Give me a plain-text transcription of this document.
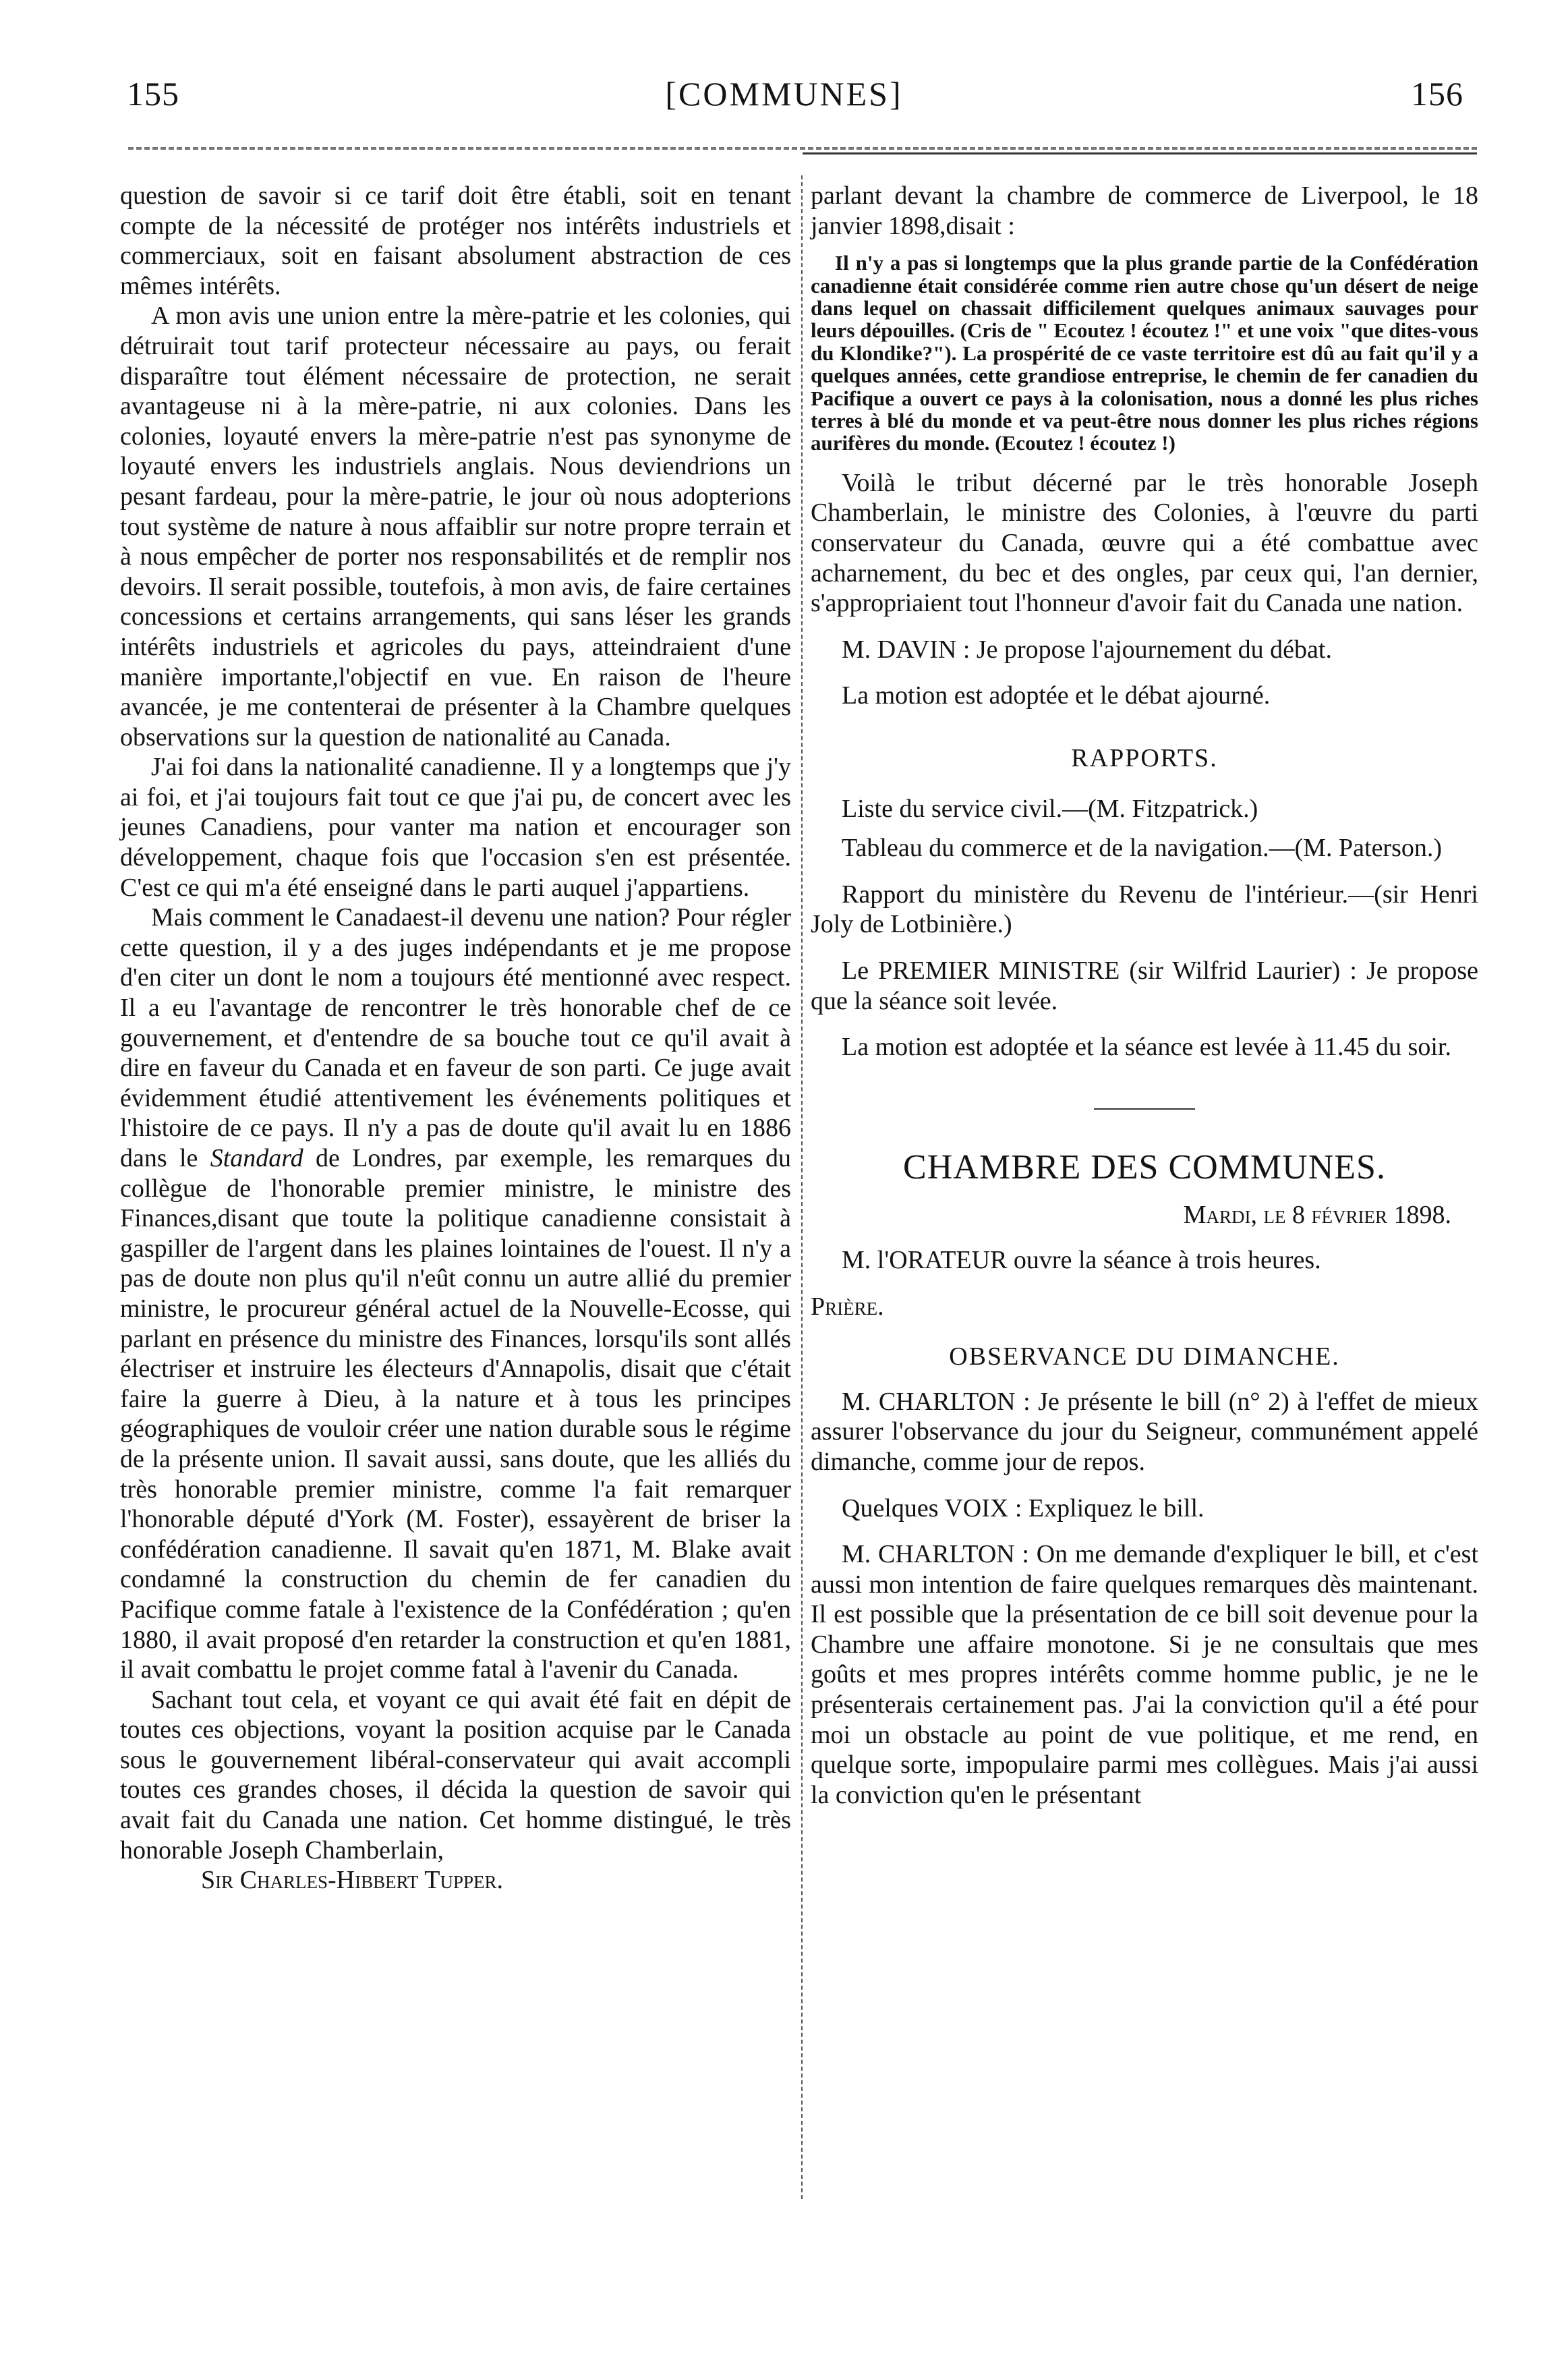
[COMMUNES]
155	156

question de savoir si ce tarif doit être établi, soit en tenant compte de la nécessité de protéger nos intérêts industriels et commerciaux, soit en faisant absolument abstraction de ces mêmes intérêts.

A mon avis une union entre la mère-patrie et les colonies, qui détruirait tout tarif protecteur nécessaire au pays, ou ferait disparaître tout élément nécessaire de protection, ne serait avantageuse ni à la mère-patrie, ni aux colonies. Dans les colonies, loyauté envers la mère-patrie n'est pas synonyme de loyauté envers les industriels anglais. Nous deviendrions un pesant fardeau, pour la mère-patrie, le jour où nous adopterions tout système de nature à nous affaiblir sur notre propre terrain et à nous empêcher de porter nos responsabilités et de remplir nos devoirs. Il serait possible, toutefois, à mon avis, de faire certaines concessions et certains arrangements, qui sans léser les grands intérêts industriels et agricoles du pays, atteindraient d'une manière importante,l'objectif en vue. En raison de l'heure avancée, je me contenterai de présenter à la Chambre quelques observations sur la question de nationalité au Canada.

J'ai foi dans la nationalité canadienne. Il y a longtemps que j'y ai foi, et j'ai toujours fait tout ce que j'ai pu, de concert avec les jeunes Canadiens, pour vanter ma nation et encourager son développement, chaque fois que l'occasion s'en est présentée. C'est ce qui m'a été enseigné dans le parti auquel j'appartiens.

Mais comment le Canadaest-il devenu une nation? Pour régler cette question, il y a des juges indépendants et je me propose d'en citer un dont le nom a toujours été mentionné avec respect. Il a eu l'avantage de rencontrer le très honorable chef de ce gouvernement, et d'entendre de sa bouche tout ce qu'il avait à dire en faveur du Canada et en faveur de son parti. Ce juge avait évidemment étudié attentivement les événements politiques et l'histoire de ce pays. Il n'y a pas de doute qu'il avait lu en 1886 dans le Standard de Londres, par exemple, les remarques du collègue de l'honorable premier ministre, le ministre des Finances,disant que toute la politique canadienne consistait à gaspiller de l'argent dans les plaines lointaines de l'ouest. Il n'y a pas de doute non plus qu'il n'eût connu un autre allié du premier ministre, le procureur général actuel de la Nouvelle-Ecosse, qui parlant en présence du ministre des Finances, lorsqu'ils sont allés électriser et instruire les électeurs d'Annapolis, disait que c'était faire la guerre à Dieu, à la nature et à tous les principes géographiques de vouloir créer une nation durable sous le régime de la présente union. Il savait aussi, sans doute, que les alliés du très honorable premier ministre, comme l'a fait remarquer l'honorable député d'York (M. Foster), essayèrent de briser la confédération canadienne. Il savait qu'en 1871, M. Blake avait condamné la construction du chemin de fer canadien du Pacifique comme fatale à l'existence de la Confédération ; qu'en 1880, il avait proposé d'en retarder la construction et qu'en 1881, il avait combattu le projet comme fatal à l'avenir du Canada.

Sachant tout cela, et voyant ce qui avait été fait en dépit de toutes ces objections, voyant la position acquise par le Canada sous le gouvernement libéral-conservateur qui avait accompli toutes ces grandes choses, il décida la question de savoir qui avait fait du Canada une nation. Cet homme distingué, le très honorable Joseph Chamberlain,

Sir Charles-Hibbert Tupper.

parlant devant la chambre de commerce de Liverpool, le 18 janvier 1898,disait :

Il n'y a pas si longtemps que la plus grande partie de la Confédération canadienne était considérée comme rien autre chose qu'un désert de neige dans lequel on chassait difficilement quelques animaux sauvages pour leurs dépouilles. (Cris de " Ecoutez ! écoutez !" et une voix "que dites-vous du Klondike?"). La prospérité de ce vaste territoire est dû au fait qu'il y a quelques années, cette grandiose entreprise, le chemin de fer canadien du Pacifique a ouvert ce pays à la colonisation, nous a donné les plus riches terres à blé du monde et va peut-être nous donner les plus riches régions aurifères du monde. (Ecoutez ! écoutez !)

Voilà le tribut décerné par le très honorable Joseph Chamberlain, le ministre des Colonies, à l'œuvre du parti conservateur du Canada, œuvre qui a été combattue avec acharnement, du bec et des ongles, par ceux qui, l'an dernier, s'appropriaient tout l'honneur d'avoir fait du Canada une nation.

M. DAVIN : Je propose l'ajournement du débat.

La motion est adoptée et le débat ajourné.

RAPPORTS.

Liste du service civil.—(M. Fitzpatrick.)

Tableau du commerce et de la navigation.—(M. Paterson.)

Rapport du ministère du Revenu de l'intérieur.—(sir Henri Joly de Lotbinière.)

Le PREMIER MINISTRE (sir Wilfrid Laurier) : Je propose que la séance soit levée.

La motion est adoptée et la séance est levée à 11.45 du soir.

CHAMBRE DES COMMUNES.
Mardi, le 8 février 1898.

M. l'ORATEUR ouvre la séance à trois heures.

Prière.

OBSERVANCE DU DIMANCHE.

M. CHARLTON : Je présente le bill (n° 2) à l'effet de mieux assurer l'observance du jour du Seigneur, communément appelé dimanche, comme jour de repos.

Quelques VOIX : Expliquez le bill.

M. CHARLTON : On me demande d'expliquer le bill, et c'est aussi mon intention de faire quelques remarques dès maintenant. Il est possible que la présentation de ce bill soit devenue pour la Chambre une affaire monotone. Si je ne consultais que mes goûts et mes propres intérêts comme homme public, je ne le présenterais certainement pas. J'ai la conviction qu'il a été pour moi un obstacle au point de vue politique, et me rend, en quelque sorte, impopulaire parmi mes collègues. Mais j'ai aussi la conviction qu'en le présentant
